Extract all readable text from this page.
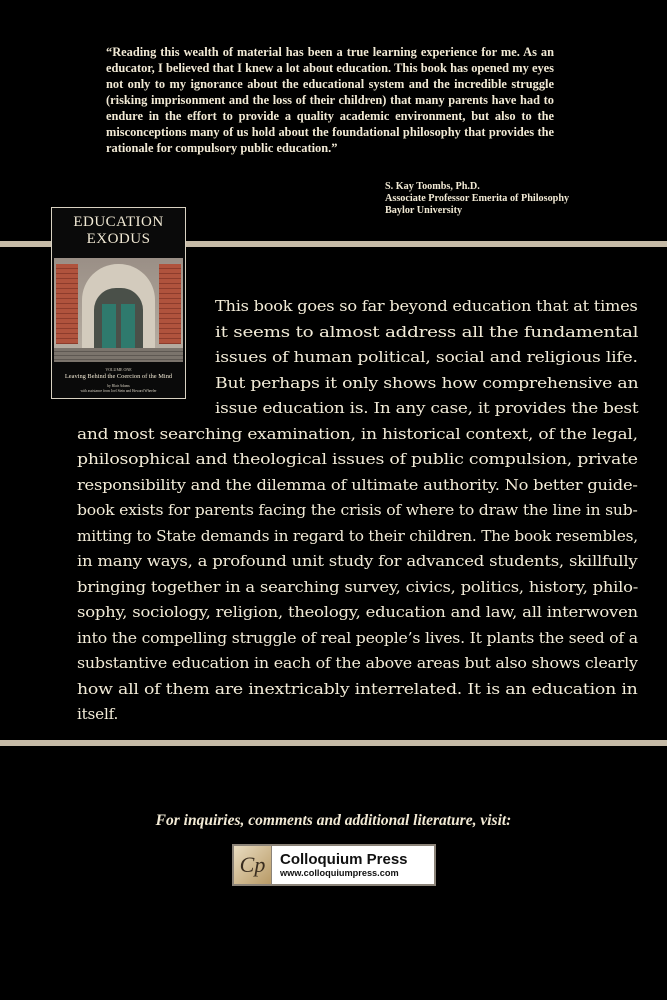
“Reading this wealth of material has been a true learning experience for me. As an educator, I believed that I knew a lot about education. This book has opened my eyes not only to my ignorance about the educational system and the incredible struggle (risking imprisonment and the loss of their children) that many parents have had to endure in the effort to provide a quality academic environment, but also to the misconceptions many of us hold about the foundational philosophy that provides the rationale for compulsory public education.”

S. Kay Toombs, Ph.D.
Associate Professor Emerita of Philosophy
Baylor University
EDUCATION
EXODUS
VOLUME ONE
Leaving Behind the Coercion of the Mind
by Blair Adams
with assistance from Joel Stein and Howard Wheeler
This book goes so far beyond education that at times
it seems to almost address all the fundamental
issues of human political, social and religious life.
But perhaps it only shows how comprehensive an
issue education is. In any case, it provides the best
and most searching examination, in historical context, of the legal,
philosophical and theological issues of public compulsion, private
responsibility and the dilemma of ultimate authority. No better guide-
book exists for parents facing the crisis of where to draw the line in sub-
mitting to State demands in regard to their children. The book resembles,
in many ways, a profound unit study for advanced students, skillfully
bringing together in a searching survey, civics, politics, history, philo-
sophy, sociology, religion, theology, education and law, all interwoven
into the compelling struggle of real people’s lives. It plants the seed of a
substantive education in each of the above areas but also shows clearly
how all of them are inextricably interrelated. It is an education in
itself.
For inquiries, comments and additional literature, visit:
Cp Colloquium Press
www.colloquiumpress.com
